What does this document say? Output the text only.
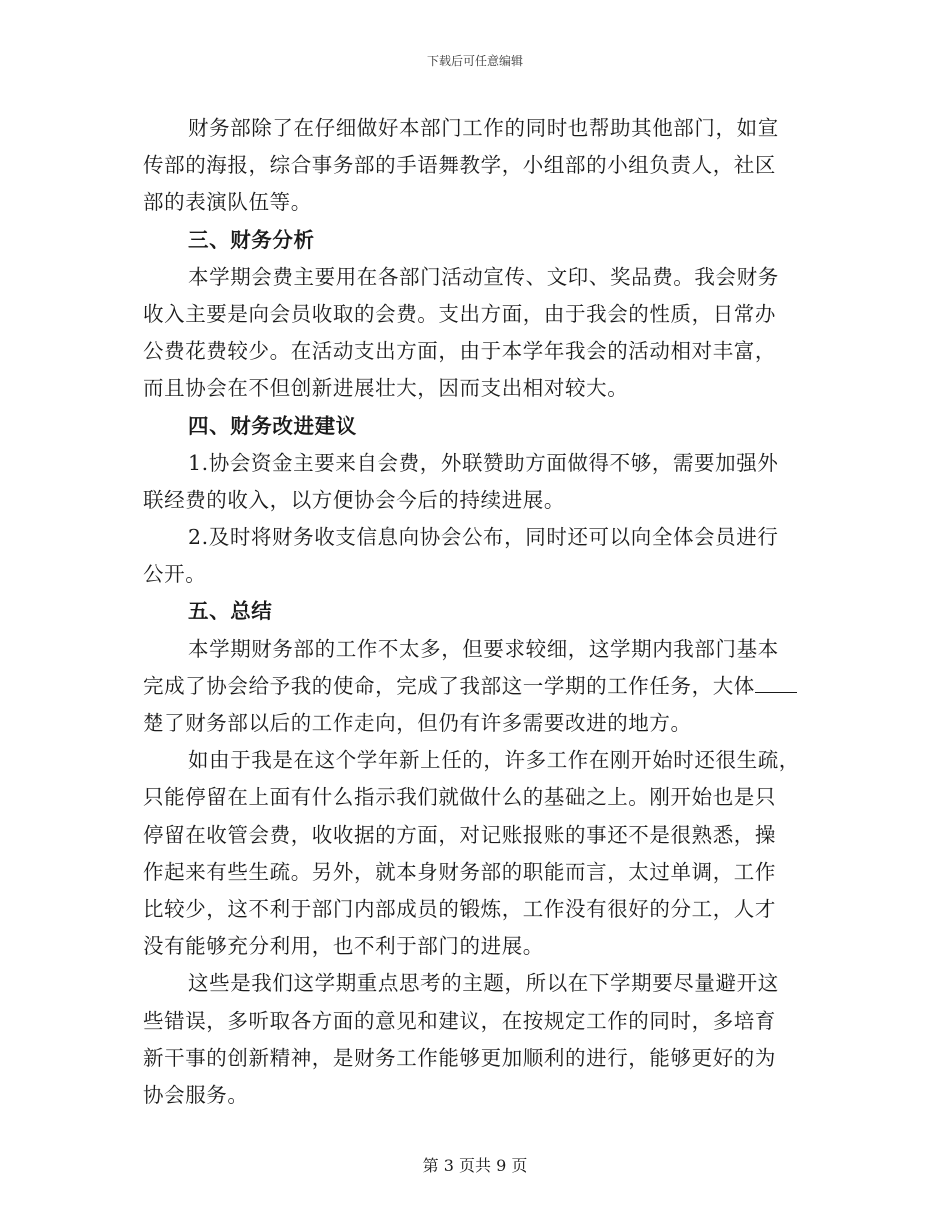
下载后可任意编辑
财务部除了在仔细做好本部门工作的同时也帮助其他部门，如宣
传部的海报，综合事务部的手语舞教学，小组部的小组负责人，社区
部的表演队伍等。
三、财务分析
本学期会费主要用在各部门活动宣传、文印、奖品费。我会财务
收入主要是向会员收取的会费。支出方面，由于我会的性质，日常办
公费花费较少。在活动支出方面，由于本学年我会的活动相对丰富，
而且协会在不但创新进展壮大，因而支出相对较大。
四、财务改进建议
1.协会资金主要来自会费，外联赞助方面做得不够，需要加强外
联经费的收入，以方便协会今后的持续进展。
2.及时将财务收支信息向协会公布，同时还可以向全体会员进行
公开。
五、总结
本学期财务部的工作不太多，但要求较细，这学期内我部门基本
完成了协会给予我的使命，完成了我部这一学期的工作任务，大体
楚了财务部以后的工作走向，但仍有许多需要改进的地方。
如由于我是在这个学年新上任的，许多工作在刚开始时还很生疏，
只能停留在上面有什么指示我们就做什么的基础之上。刚开始也是只
停留在收管会费，收收据的方面，对记账报账的事还不是很熟悉，操
作起来有些生疏。另外，就本身财务部的职能而言，太过单调，工作
比较少，这不利于部门内部成员的锻炼，工作没有很好的分工，人才
没有能够充分利用，也不利于部门的进展。
这些是我们这学期重点思考的主题，所以在下学期要尽量避开这
些错误，多听取各方面的意见和建议，在按规定工作的同时，多培育
新干事的创新精神，是财务工作能够更加顺利的进行，能够更好的为
协会服务。
第 3 页共 9 页
